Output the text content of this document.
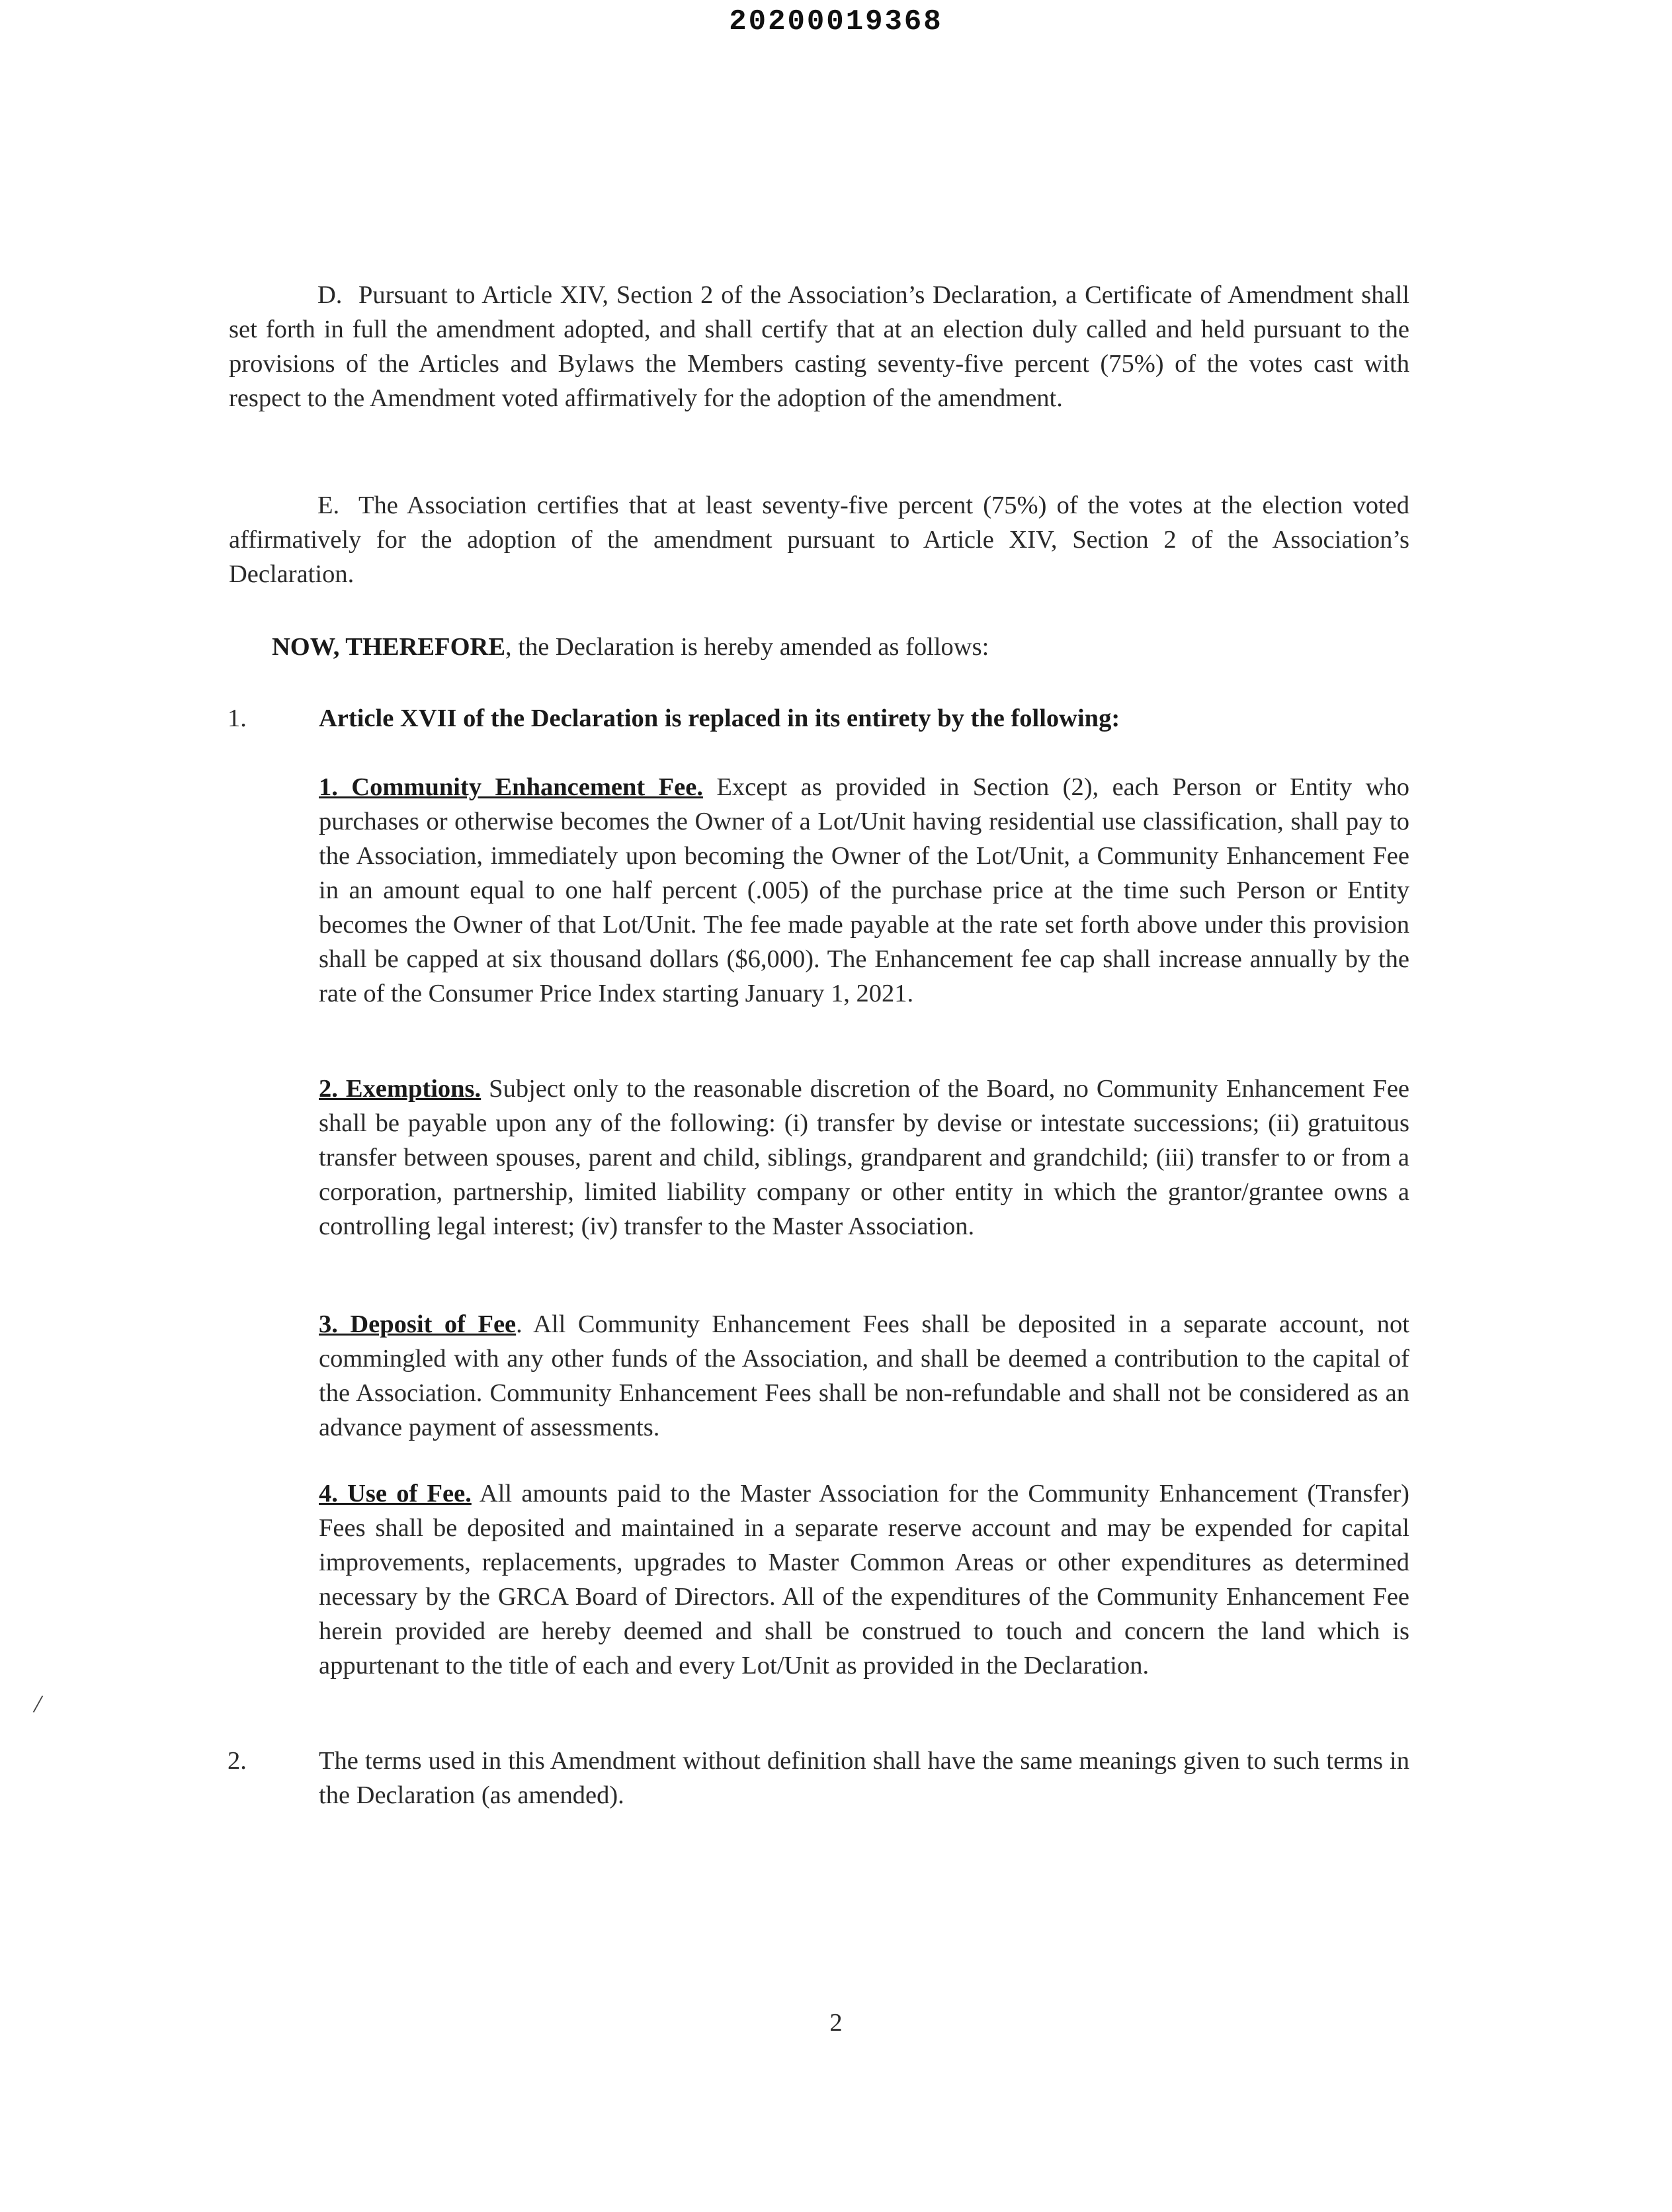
20200019368

D. Pursuant to Article XIV, Section 2 of the Association’s Declaration, a Certificate of Amendment shall set forth in full the amendment adopted, and shall certify that at an election duly called and held pursuant to the provisions of the Articles and Bylaws the Members casting seventy-five percent (75%) of the votes cast with respect to the Amendment voted affirmatively for the adoption of the amendment.

E. The Association certifies that at least seventy-five percent (75%) of the votes at the election voted affirmatively for the adoption of the amendment pursuant to Article XIV, Section 2 of the Association’s Declaration.

NOW, THEREFORE, the Declaration is hereby amended as follows:

1.	Article XVII of the Declaration is replaced in its entirety by the following:

1. Community Enhancement Fee. Except as provided in Section (2), each Person or Entity who purchases or otherwise becomes the Owner of a Lot/Unit having residential use classification, shall pay to the Association, immediately upon becoming the Owner of the Lot/Unit, a Community Enhancement Fee in an amount equal to one half percent (.005) of the purchase price at the time such Person or Entity becomes the Owner of that Lot/Unit. The fee made payable at the rate set forth above under this provision shall be capped at six thousand dollars ($6,000). The Enhancement fee cap shall increase annually by the rate of the Consumer Price Index starting January 1, 2021.

2. Exemptions. Subject only to the reasonable discretion of the Board, no Community Enhancement Fee shall be payable upon any of the following: (i) transfer by devise or intestate successions; (ii) gratuitous transfer between spouses, parent and child, siblings, grandparent and grandchild; (iii) transfer to or from a corporation, partnership, limited liability company or other entity in which the grantor/grantee owns a controlling legal interest; (iv) transfer to the Master Association.

3. Deposit of Fee. All Community Enhancement Fees shall be deposited in a separate account, not commingled with any other funds of the Association, and shall be deemed a contribution to the capital of the Association. Community Enhancement Fees shall be non-refundable and shall not be considered as an advance payment of assessments.

4. Use of Fee. All amounts paid to the Master Association for the Community Enhancement (Transfer) Fees shall be deposited and maintained in a separate reserve account and may be expended for capital improvements, replacements, upgrades to Master Common Areas or other expenditures as determined necessary by the GRCA Board of Directors. All of the expenditures of the Community Enhancement Fee herein provided are hereby deemed and shall be construed to touch and concern the land which is appurtenant to the title of each and every Lot/Unit as provided in the Declaration.

2.	The terms used in this Amendment without definition shall have the same meanings given to such terms in the Declaration (as amended).

/
2
